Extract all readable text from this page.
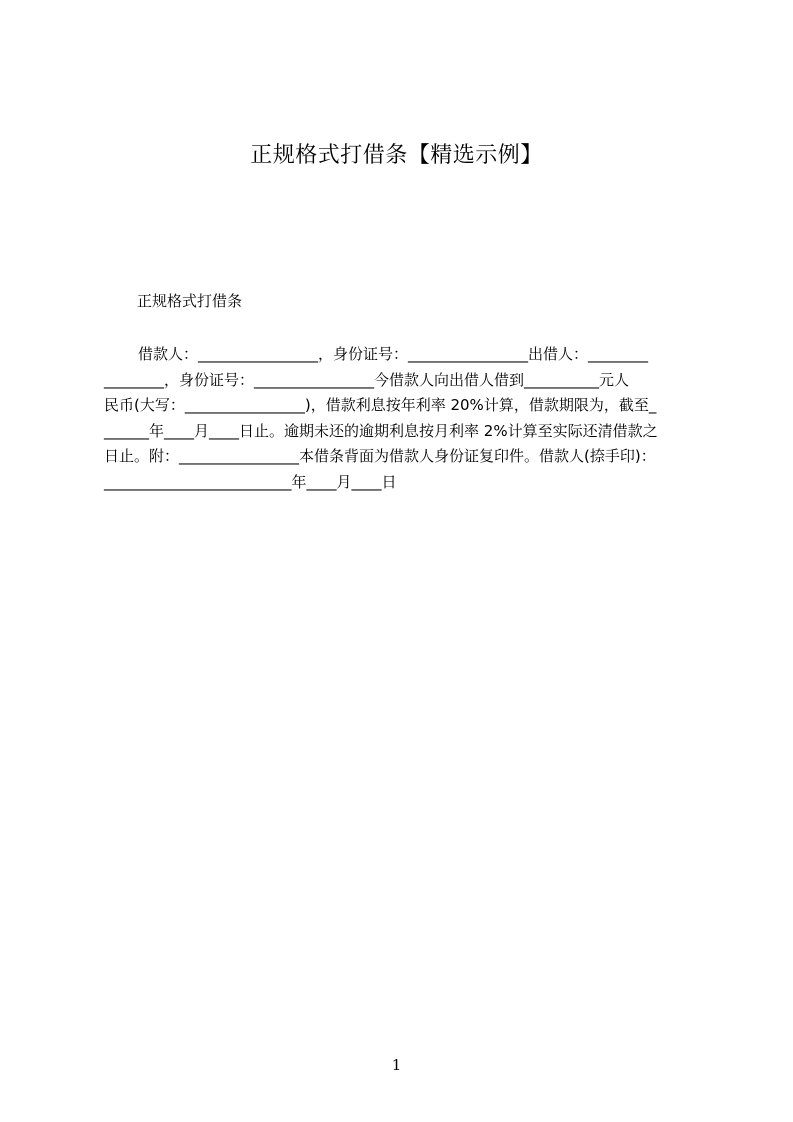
正规格式打借条【精选示例】
正规格式打借条
借款人：________________，身份证号：________________出借人：________
________，身份证号：________________今借款人向出借人借到__________元人
民币(大写：________________)，借款利息按年利率 20%计算，借款期限为，截至_
______年____月____日止。逾期未还的逾期利息按月利率 2%计算至实际还清借款之
日止。附：________________本借条背面为借款人身份证复印件。借款人(捺手印)：
_________________________年____月____日
1
